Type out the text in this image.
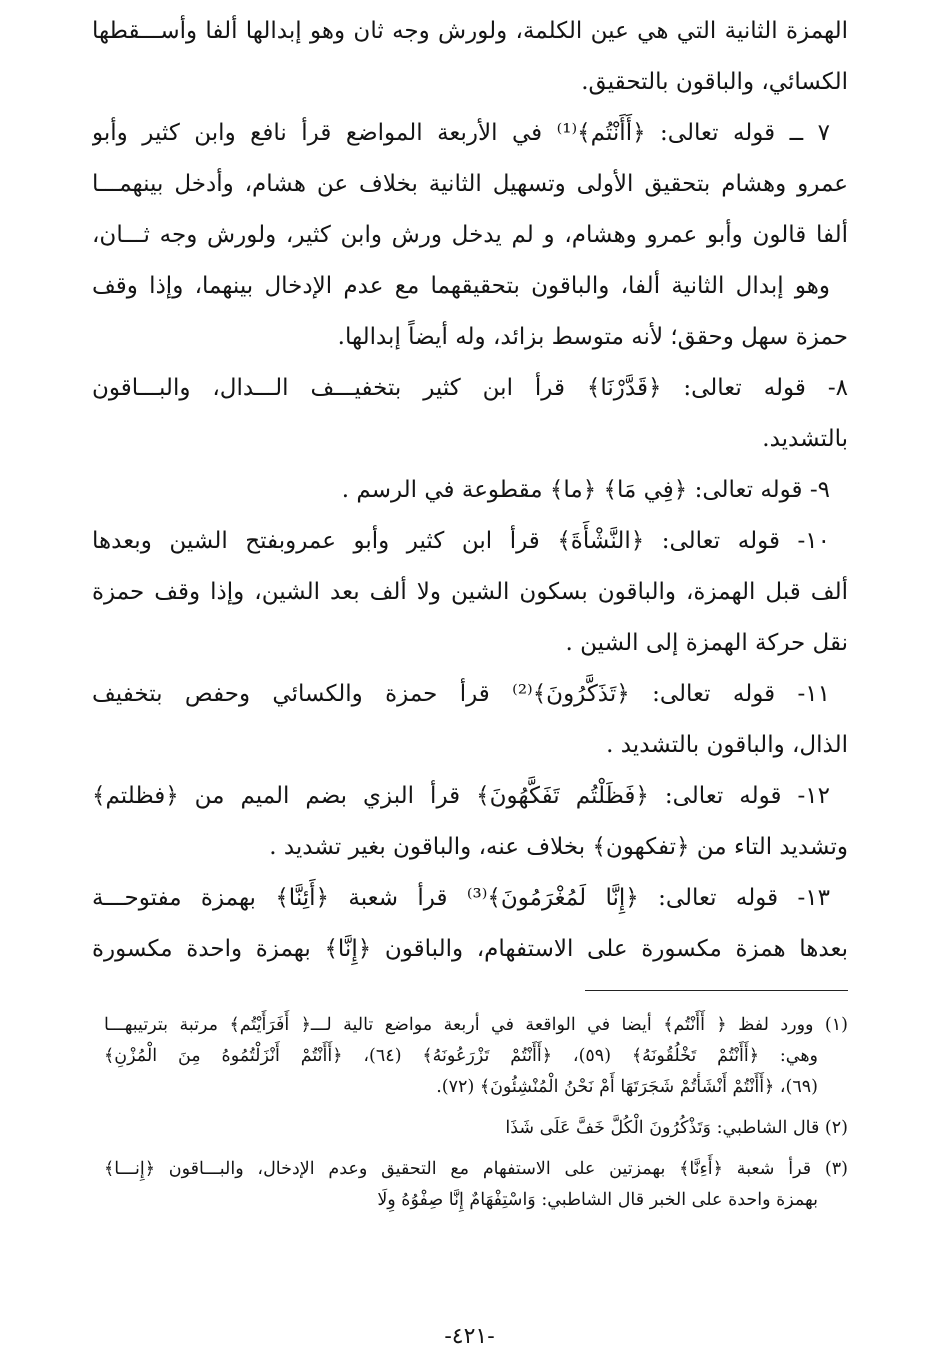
الهمزة الثانية التي هي عين الكلمة، ولورش وجه ثان وهو إبدالها ألفا وأســـقطها
الكسائي، والباقون بالتحقيق.
٧ ــ قوله تعالى: ﴿أَأَنْتُم﴾⁽¹⁾ في الأربعة المواضع قرأ نافع وابن كثير وأبو
عمرو وهشام بتحقيق الأولى وتسهيل الثانية بخلاف عن هشام، وأدخل بينهمـــا
ألفا قالون وأبو عمرو وهشام، و لم يدخل ورش وابن كثير، ولورش وجه ثـــان،
وهو إبدال الثانية ألفا، والباقون بتحقيقهما مع عدم الإدخال بينهما، وإذا وقف
حمزة سهل وحقق؛ لأنه متوسط بزائد، وله أيضاً إبدالها.
٨- قوله تعالى: ﴿قَدَّرْنَا﴾ قرأ ابن كثير بتخفيـــف الـــدال، والبـــاقون
بالتشديد.
٩- قوله تعالى: ﴿فِي مَا﴾ ﴿ما﴾ مقطوعة في الرسم .
١٠- قوله تعالى: ﴿النَّشْأَةَ﴾ قرأ ابن كثير وأبو عمروبفتح الشين وبعدها
ألف قبل الهمزة، والباقون بسكون الشين ولا ألف بعد الشين، وإذا وقف حمزة
نقل حركة الهمزة إلى الشين .
١١- قوله تعالى: ﴿تَذَكَّرُونَ﴾⁽²⁾ قرأ حمزة والكسائي وحفص بتخفيف
الذال، والباقون بالتشديد .
١٢- قوله تعالى: ﴿فَظَلْتُم تَفَكَّهُونَ﴾ قرأ البزي بضم الميم من ﴿فظلتم﴾
وتشديد التاء من ﴿تفكهون﴾ بخلاف عنه، والباقون بغير تشديد .
١٣- قوله تعالى: ﴿إِنَّا لَمُغْرَمُونَ﴾⁽³⁾ قرأ شعبة ﴿أَئِنَّا﴾ بهمزة مفتوحـــة
بعدها همزة مكسورة على الاستفهام، والباقون ﴿إِنَّا﴾ بهمزة واحدة مكسورة
(١) وورد لفظ ﴿ أَأَنْتُم﴾ أيضا في الواقعة في أربعة مواضع تالية لـــ﴿ أَفَرَأَيْتُم﴾ مرتبة بترتيبهـــا
وهي: ﴿أَأَنْتُمْ تَخْلُقُونَهُ﴾ (٥٩)، ﴿أَأَنْتُمْ تَزْرَعُونَهُ﴾ (٦٤)، ﴿أَأَنْتُمْ أَنْزَلْتُمُوهُ مِنَ الْمُزْنِ﴾
(٦٩)، ﴿أَأَنْتُمْ أَنْشَأْتُمْ شَجَرَتَهَا أَمْ نَحْنُ الْمُنْشِئُونَ﴾ (٧٢).
(٢) قال الشاطبي: وَتَذْكُرُونَ الْكُلَّ خَفَّ عَلَى شَذَا
(٣) قرأ شعبة ﴿أَءِنَّا﴾ بهمزتين على الاستفهام مع التحقيق وعدم الإدخال، والبـــاقون ﴿إِنـــا﴾
بهمزة واحدة على الخبر قال الشاطبي: وَاسْتِفْهَامٌ إِنَّا صِفْوُهُ وِلَا
-٤٢١-
